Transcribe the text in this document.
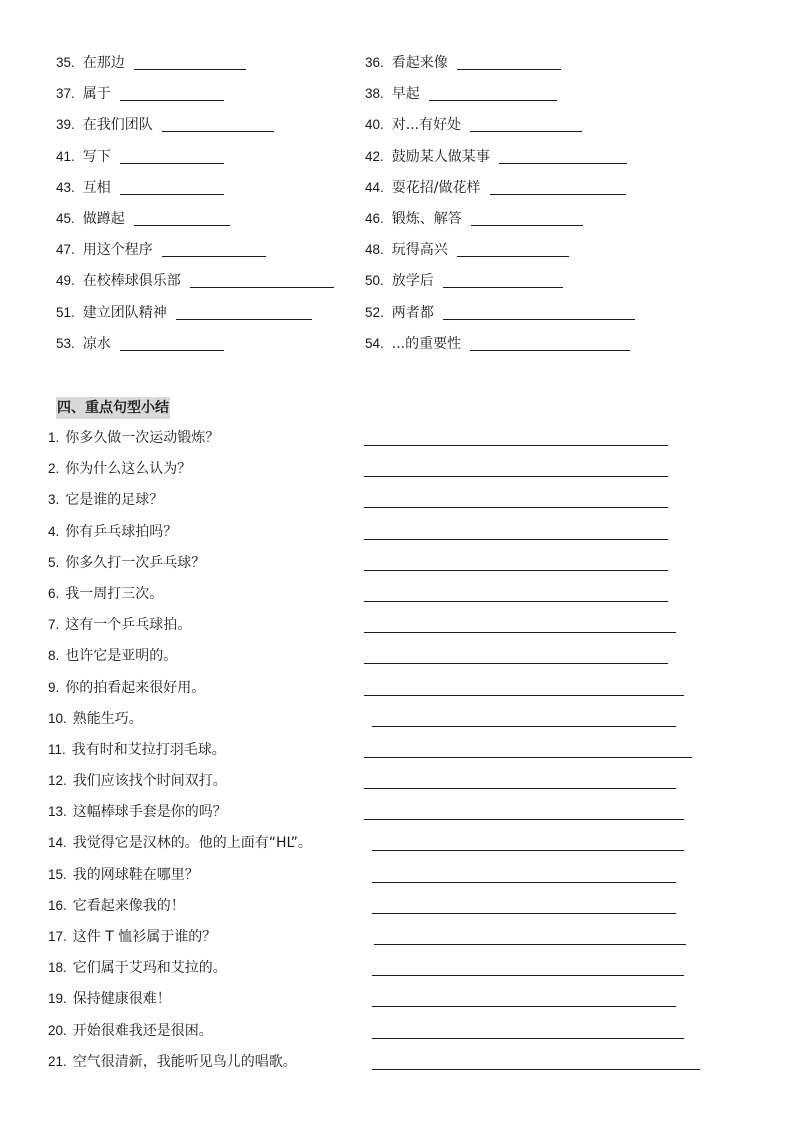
35. 在那边	36. 看起来像
37. 属于	38. 早起
39. 在我们团队	40. 对...有好处
41. 写下	42. 鼓励某人做某事
43. 互相	44. 耍花招/做花样
45. 做蹲起	46. 锻炼、解答
47. 用这个程序	48. 玩得高兴
49. 在校棒球俱乐部	50. 放学后
51. 建立团队精神	52. 两者都
53. 凉水	54. ...的重要性
四、重点句型小结
1. 你多久做一次运动锻炼？
2. 你为什么这么认为？
3. 它是谁的足球？
4. 你有乒乓球拍吗？
5. 你多久打一次乒乓球？
6. 我一周打三次。
7. 这有一个乒乓球拍。
8. 也许它是亚明的。
9. 你的拍看起来很好用。
10. 熟能生巧。
11. 我有时和艾拉打羽毛球。
12. 我们应该找个时间双打。
13. 这幅棒球手套是你的吗？
14. 我觉得它是汉林的。他的上面有“HL”。
15. 我的网球鞋在哪里？
16. 它看起来像我的！
17. 这件 T 恤衫属于谁的？
18. 它们属于艾玛和艾拉的。
19. 保持健康很难！
20. 开始很难我还是很困。
21. 空气很清新，我能听见鸟儿的唱歌。
